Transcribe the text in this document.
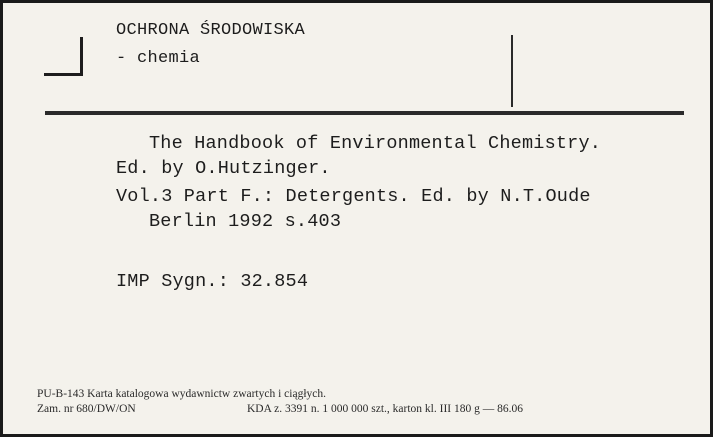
OCHRONA ŚRODOWISKA
- chemia
The Handbook of Environmental Chemistry.
Ed. by O.Hutzinger.
Vol.3 Part F.: Detergents. Ed. by N.T.Oude
Berlin 1992 s.403
IMP Sygn.: 32.854
PU-B-143 Karta katalogowa wydawnictw zwartych i ciągłych.
Zam. nr 680/DW/ON	KDA z. 3391 n. 1 000 000 szt., karton kl. III 180 g — 86.06
